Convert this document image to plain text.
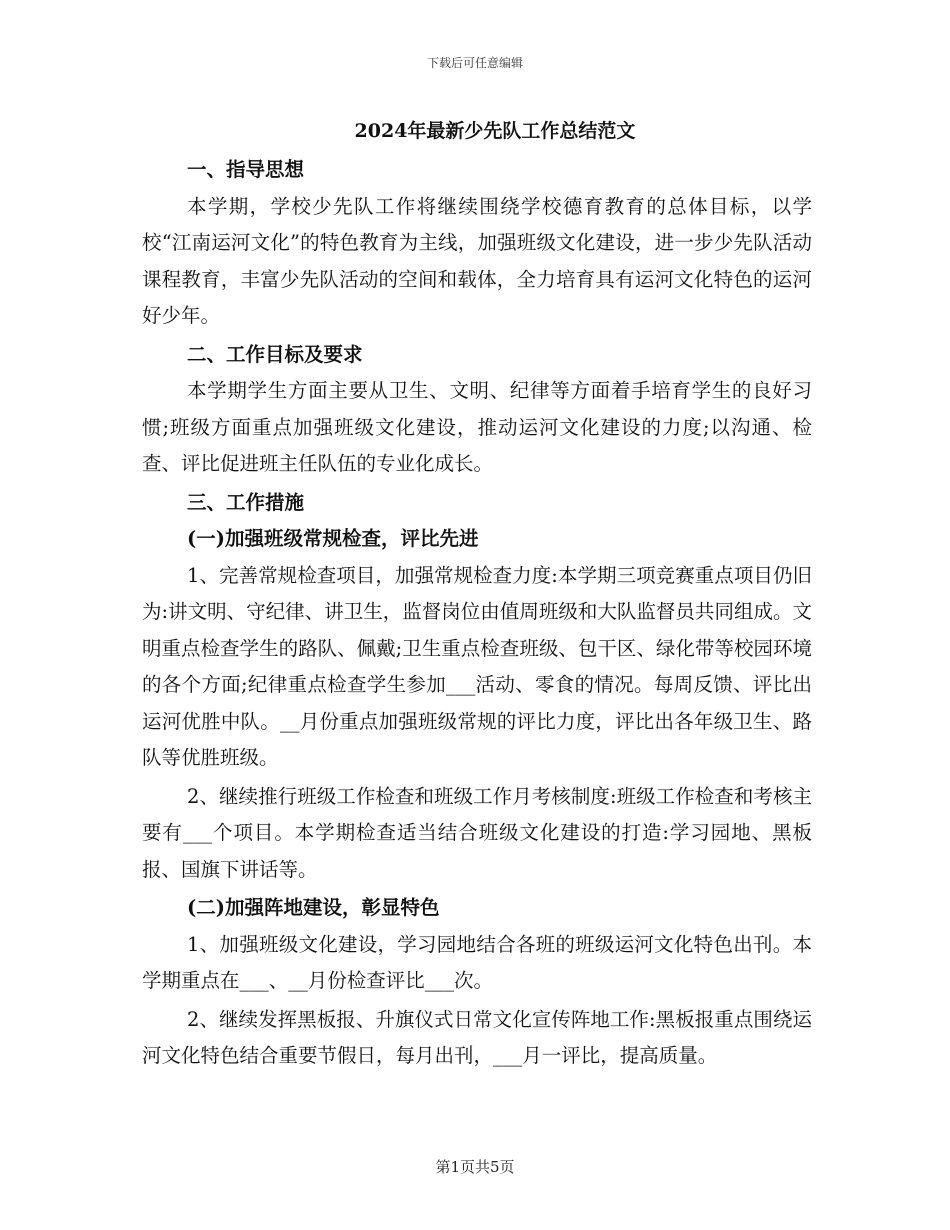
下载后可任意编辑
2024年最新少先队工作总结范文

一、指导思想

本学期，学校少先队工作将继续围绕学校德育教育的总体目标，以学校“江南运河文化”的特色教育为主线，加强班级文化建设，进一步少先队活动课程教育，丰富少先队活动的空间和载体，全力培育具有运河文化特色的运河好少年。

二、工作目标及要求

本学期学生方面主要从卫生、文明、纪律等方面着手培育学生的良好习惯;班级方面重点加强班级文化建设，推动运河文化建设的力度;以沟通、检查、评比促进班主任队伍的专业化成长。

三、工作措施

(一)加强班级常规检查，评比先进

1、完善常规检查项目，加强常规检查力度:本学期三项竞赛重点项目仍旧为:讲文明、守纪律、讲卫生，监督岗位由值周班级和大队监督员共同组成。文明重点检查学生的路队、佩戴;卫生重点检查班级、包干区、绿化带等校园环境的各个方面;纪律重点检查学生参加___活动、零食的情况。每周反馈、评比出运河优胜中队。__月份重点加强班级常规的评比力度，评比出各年级卫生、路队等优胜班级。

2、继续推行班级工作检查和班级工作月考核制度:班级工作检查和考核主要有___个项目。本学期检查适当结合班级文化建设的打造:学习园地、黑板报、国旗下讲话等。

(二)加强阵地建设，彰显特色

1、加强班级文化建设，学习园地结合各班的班级运河文化特色出刊。本学期重点在___、__月份检查评比___次。

2、继续发挥黑板报、升旗仪式日常文化宣传阵地工作:黑板报重点围绕运河文化特色结合重要节假日，每月出刊，___月一评比，提高质量。

第1页共5页
